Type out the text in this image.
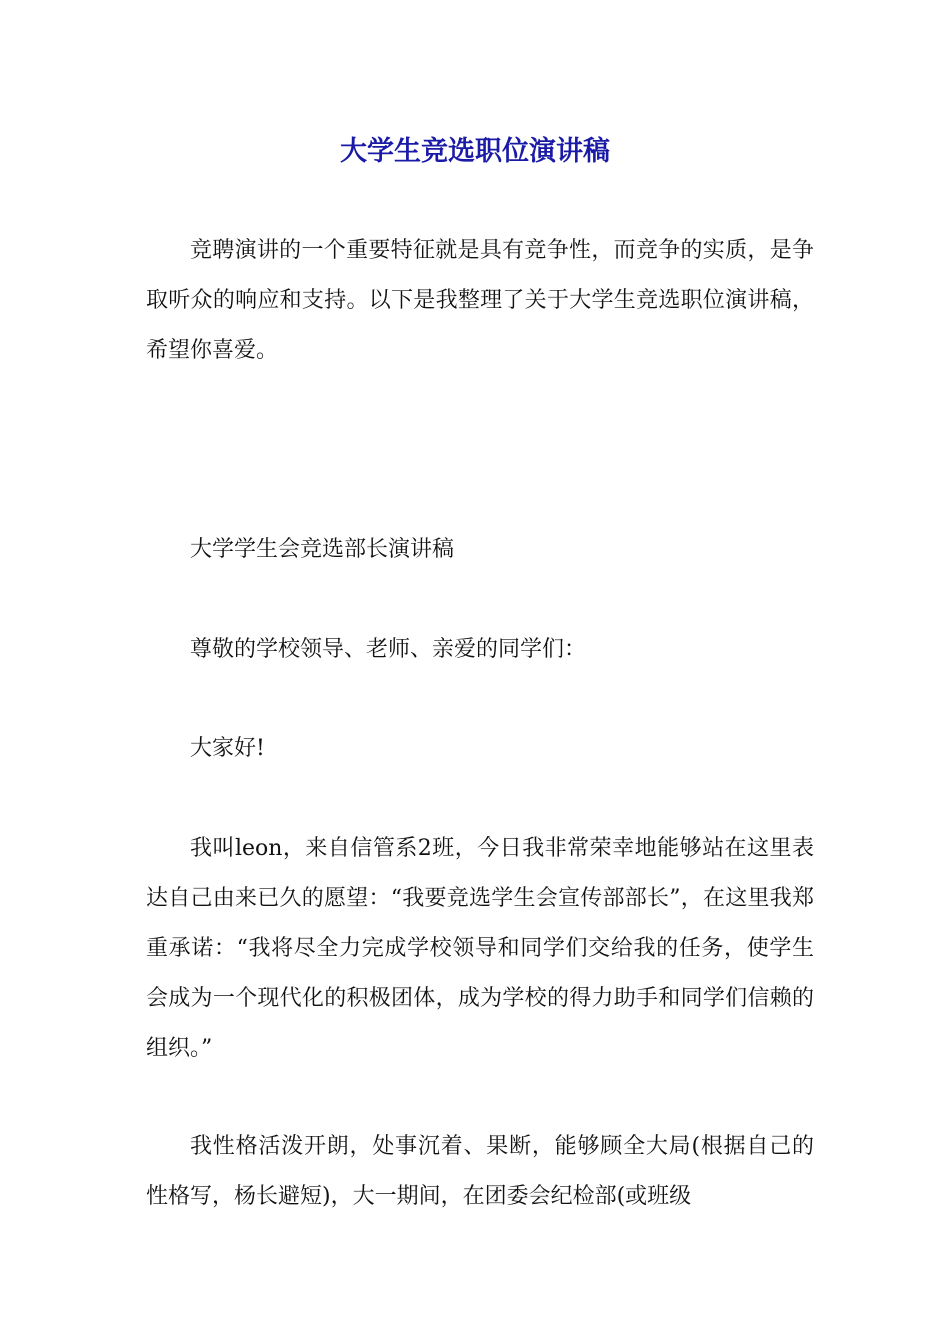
大学生竞选职位演讲稿

竞聘演讲的一个重要特征就是具有竞争性，而竞争的实质，是争取听众的响应和支持。以下是我整理了关于大学生竞选职位演讲稿，希望你喜爱。

大学学生会竞选部长演讲稿

尊敬的学校领导、老师、亲爱的同学们：

大家好!

我叫leon，来自信管系2班，今日我非常荣幸地能够站在这里表达自己由来已久的愿望：“我要竞选学生会宣传部部长”，在这里我郑重承诺：“我将尽全力完成学校领导和同学们交给我的任务，使学生会成为一个现代化的积极团体，成为学校的得力助手和同学们信赖的组织。”

我性格活泼开朗，处事沉着、果断，能够顾全大局(根据自己的性格写，杨长避短)，大一期间，在团委会纪检部(或班级
